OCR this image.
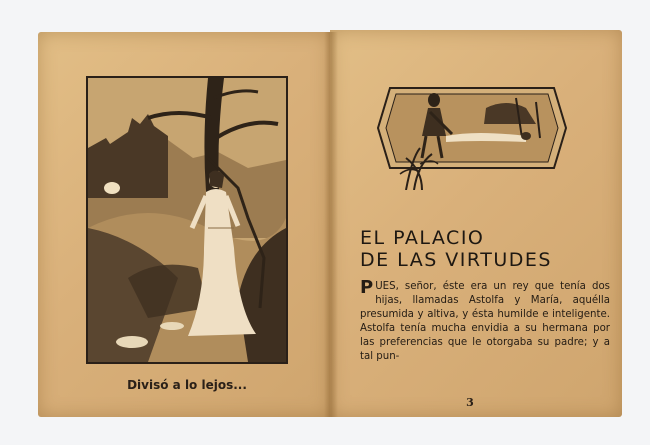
Divisó a lo lejos...
EL PALACIO
DE LAS VIRTUDES
PUES, señor, éste era un rey que tenía dos hijas, llamadas Astolfa y María, aquélla presumida y altiva, y ésta humilde e inteligente. Astolfa tenía mucha envidia a su hermana por las preferencias que le otorgaba su padre; y a tal pun-
3
